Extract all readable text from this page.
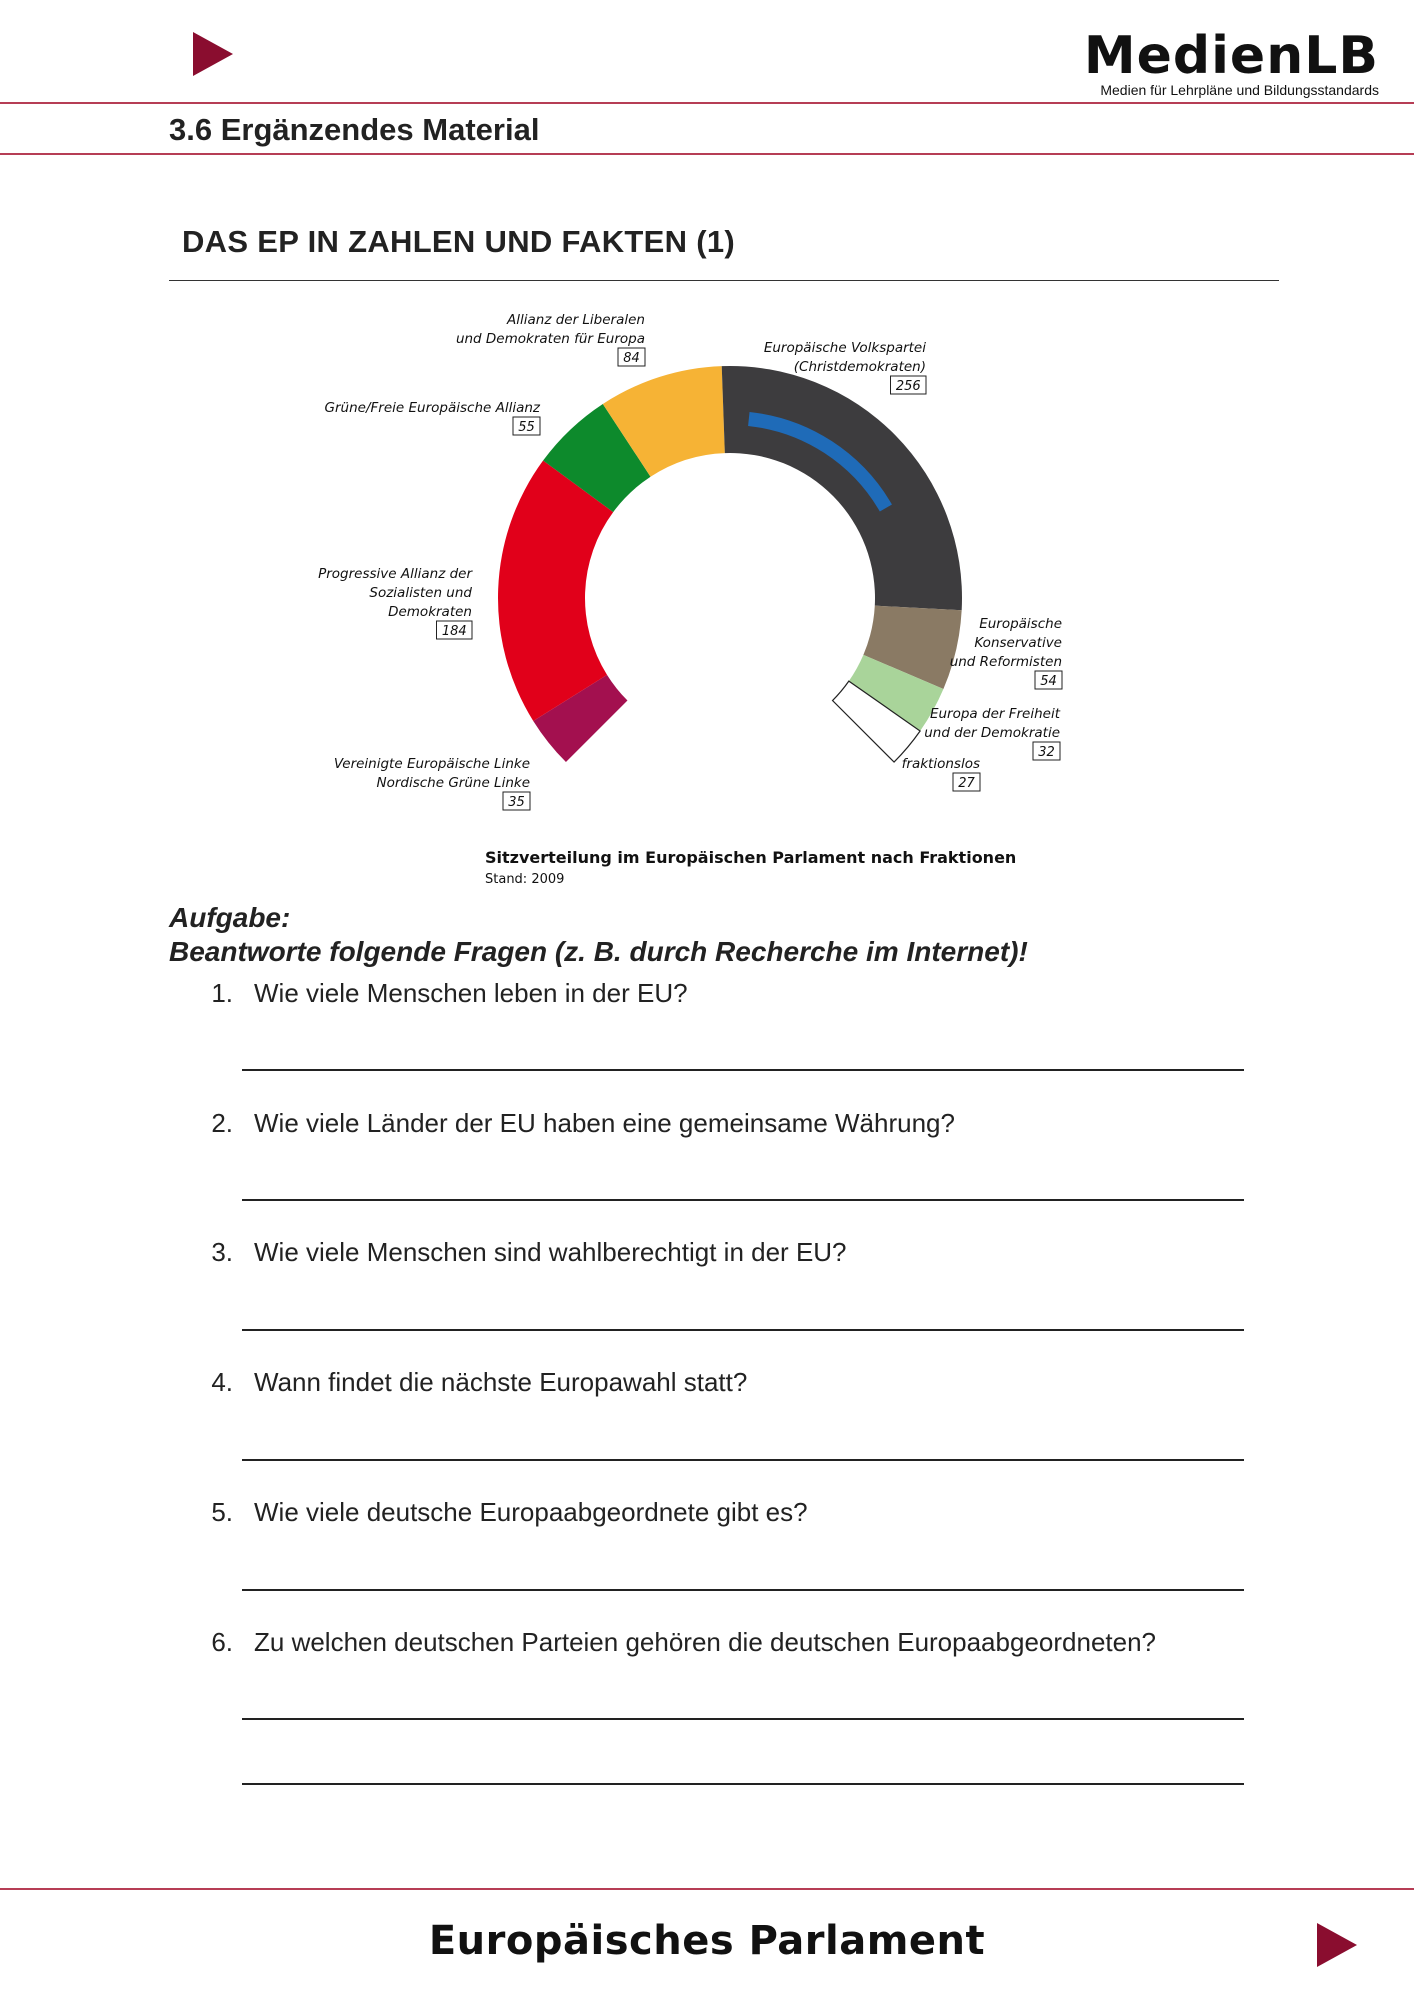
MedienLB
Medien für Lehrpläne und Bildungsstandards
3.6 Ergänzendes Material
DAS EP IN ZAHLEN UND FAKTEN (1)
Vereinigte Europäische Linke
Nordische Grüne Linke
35
Progressive Allianz der
Sozialisten und
Demokraten
184
Grüne/Freie Europäische Allianz
55
Allianz der Liberalen
und Demokraten für Europa
84
Europäische Volkspartei
(Christdemokraten)
256
Europäische
Konservative
und Reformisten
54
Europa der Freiheit
und der Demokratie
32
fraktionslos
27
Sitzverteilung im Europäischen Parlament nach Fraktionen
Stand: 2009
Aufgabe:
Beantworte folgende Fragen (z. B. durch Recherche im Internet)!
1. Wie viele Menschen leben in der EU?
2. Wie viele Länder der EU haben eine gemeinsame Währung?
3. Wie viele Menschen sind wahlberechtigt in der EU?
4. Wann findet die nächste Europawahl statt?
5. Wie viele deutsche Europaabgeordnete gibt es?
6. Zu welchen deutschen Parteien gehören die deutschen Europaabgeordneten?
Europäisches Parlament
